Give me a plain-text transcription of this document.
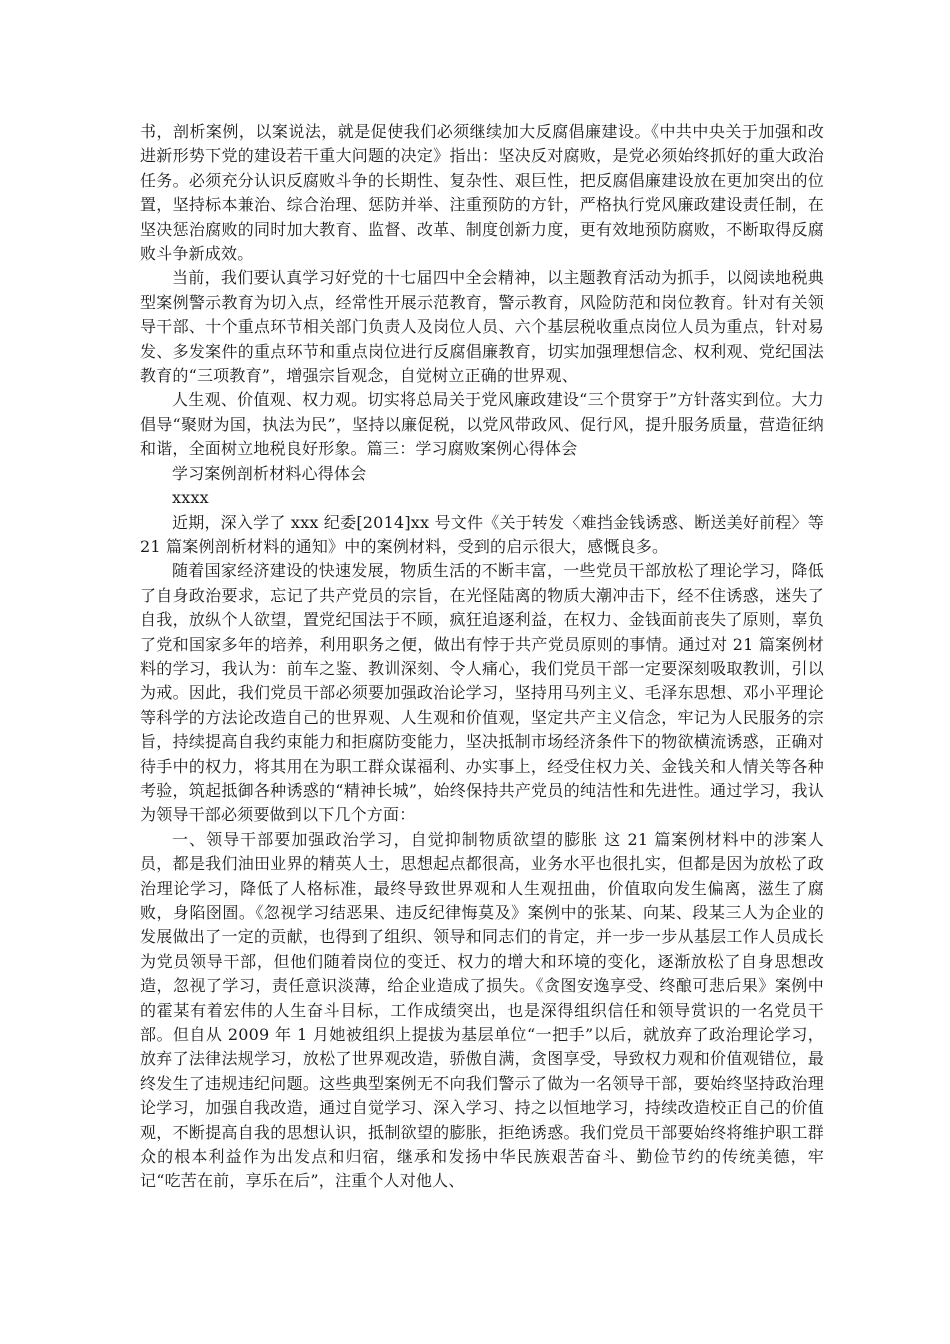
书，剖析案例，以案说法，就是促使我们必须继续加大反腐倡廉建设。《中共中央关于加强和改进新形势下党的建设若干重大问题的决定》指出：坚决反对腐败，是党必须始终抓好的重大政治任务。必须充分认识反腐败斗争的长期性、复杂性、艰巨性，把反腐倡廉建设放在更加突出的位置，坚持标本兼治、综合治理、惩防并举、注重预防的方针，严格执行党风廉政建设责任制，在坚决惩治腐败的同时加大教育、监督、改革、制度创新力度，更有效地预防腐败，不断取得反腐败斗争新成效。

当前，我们要认真学习好党的十七届四中全会精神，以主题教育活动为抓手，以阅读地税典型案例警示教育为切入点，经常性开展示范教育，警示教育，风险防范和岗位教育。针对有关领导干部、十个重点环节相关部门负责人及岗位人员、六个基层税收重点岗位人员为重点，针对易发、多发案件的重点环节和重点岗位进行反腐倡廉教育，切实加强理想信念、权利观、党纪国法教育的“三项教育”，增强宗旨观念，自觉树立正确的世界观、

人生观、价值观、权力观。切实将总局关于党风廉政建设“三个贯穿于”方针落实到位。大力倡导“聚财为国，执法为民”，坚持以廉促税，以党风带政风、促行风，提升服务质量，营造征纳和谐，全面树立地税良好形象。篇三：学习腐败案例心得体会

学习案例剖析材料心得体会

xxxx

近期，深入学了 xxx 纪委[2014]xx 号文件《关于转发〈难挡金钱诱惑、断送美好前程〉等 21 篇案例剖析材料的通知》中的案例材料，受到的启示很大，感慨良多。

随着国家经济建设的快速发展，物质生活的不断丰富，一些党员干部放松了理论学习，降低了自身政治要求，忘记了共产党员的宗旨，在光怪陆离的物质大潮冲击下，经不住诱惑，迷失了自我，放纵个人欲望，置党纪国法于不顾，疯狂追逐利益，在权力、金钱面前丧失了原则，辜负了党和国家多年的培养，利用职务之便，做出有悖于共产党员原则的事情。通过对 21 篇案例材料的学习，我认为：前车之鉴、教训深刻、令人痛心，我们党员干部一定要深刻吸取教训，引以为戒。因此，我们党员干部必须要加强政治论学习，坚持用马列主义、毛泽东思想、邓小平理论等科学的方法论改造自己的世界观、人生观和价值观，坚定共产主义信念，牢记为人民服务的宗旨，持续提高自我约束能力和拒腐防变能力，坚决抵制市场经济条件下的物欲横流诱惑，正确对待手中的权力，将其用在为职工群众谋福利、办实事上，经受住权力关、金钱关和人情关等各种考验，筑起抵御各种诱惑的“精神长城”，始终保持共产党员的纯洁性和先进性。通过学习，我认为领导干部必须要做到以下几个方面：

一、领导干部要加强政治学习，自觉抑制物质欲望的膨胀 这 21 篇案例材料中的涉案人员，都是我们油田业界的精英人士，思想起点都很高，业务水平也很扎实，但都是因为放松了政治理论学习，降低了人格标准，最终导致世界观和人生观扭曲，价值取向发生偏离，滋生了腐败，身陷囹圄。《忽视学习结恶果、违反纪律悔莫及》案例中的张某、向某、段某三人为企业的发展做出了一定的贡献，也得到了组织、领导和同志们的肯定，并一步一步从基层工作人员成长为党员领导干部，但他们随着岗位的变迁、权力的增大和环境的变化，逐渐放松了自身思想改造，忽视了学习，责任意识淡薄，给企业造成了损失。《贪图安逸享受、终酿可悲后果》案例中的霍某有着宏伟的人生奋斗目标，工作成绩突出，也是深得组织信任和领导赏识的一名党员干部。但自从 2009 年 1 月她被组织上提拔为基层单位“一把手”以后，就放弃了政治理论学习，放弃了法律法规学习，放松了世界观改造，骄傲自满，贪图享受，导致权力观和价值观错位，最终发生了违规违纪问题。这些典型案例无不向我们警示了做为一名领导干部，要始终坚持政治理论学习，加强自我改造，通过自觉学习、深入学习、持之以恒地学习，持续改造校正自己的价值观，不断提高自我的思想认识，抵制欲望的膨胀，拒绝诱惑。我们党员干部要始终将维护职工群众的根本利益作为出发点和归宿，继承和发扬中华民族艰苦奋斗、勤俭节约的传统美德，牢记“吃苦在前，享乐在后”，注重个人对他人、
